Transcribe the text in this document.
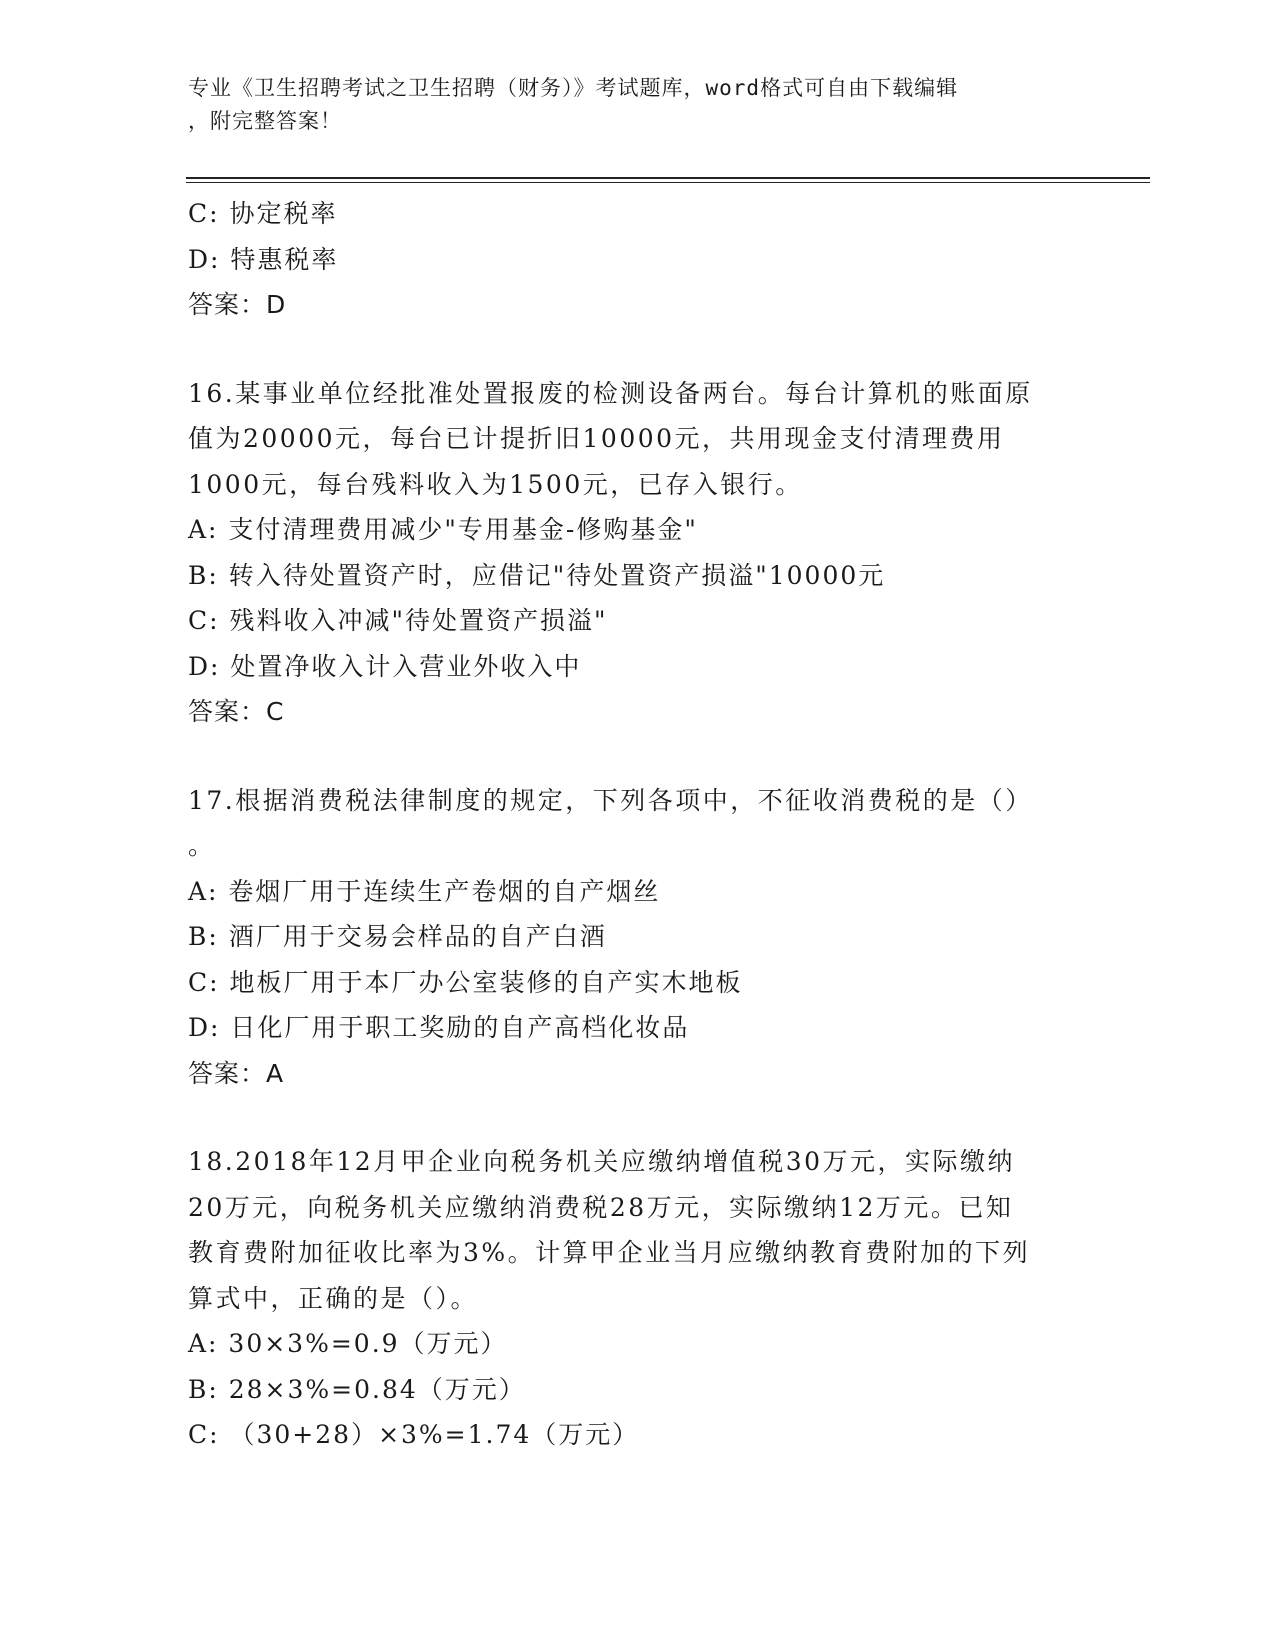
专业《卫生招聘考试之卫生招聘（财务）》考试题库，word格式可自由下载编辑
，附完整答案！
C: 协定税率
D: 特惠税率
答案：D
16.某事业单位经批准处置报废的检测设备两台。每台计算机的账面原
值为20000元，每台已计提折旧10000元，共用现金支付清理费用
1000元，每台残料收入为1500元，已存入银行。
A: 支付清理费用减少"专用基金-修购基金"
B: 转入待处置资产时，应借记"待处置资产损溢"10000元
C: 残料收入冲减"待处置资产损溢"
D: 处置净收入计入营业外收入中
答案：C
17.根据消费税法律制度的规定，下列各项中，不征收消费税的是（）
。
A: 卷烟厂用于连续生产卷烟的自产烟丝
B: 酒厂用于交易会样品的自产白酒
C: 地板厂用于本厂办公室装修的自产实木地板
D: 日化厂用于职工奖励的自产高档化妆品
答案：A
18.2018年12月甲企业向税务机关应缴纳增值税30万元，实际缴纳
20万元，向税务机关应缴纳消费税28万元，实际缴纳12万元。已知
教育费附加征收比率为3%。计算甲企业当月应缴纳教育费附加的下列
算式中，正确的是（）。
A: 30×3%=0.9（万元）
B: 28×3%=0.84（万元）
C: （30+28）×3%=1.74（万元）
